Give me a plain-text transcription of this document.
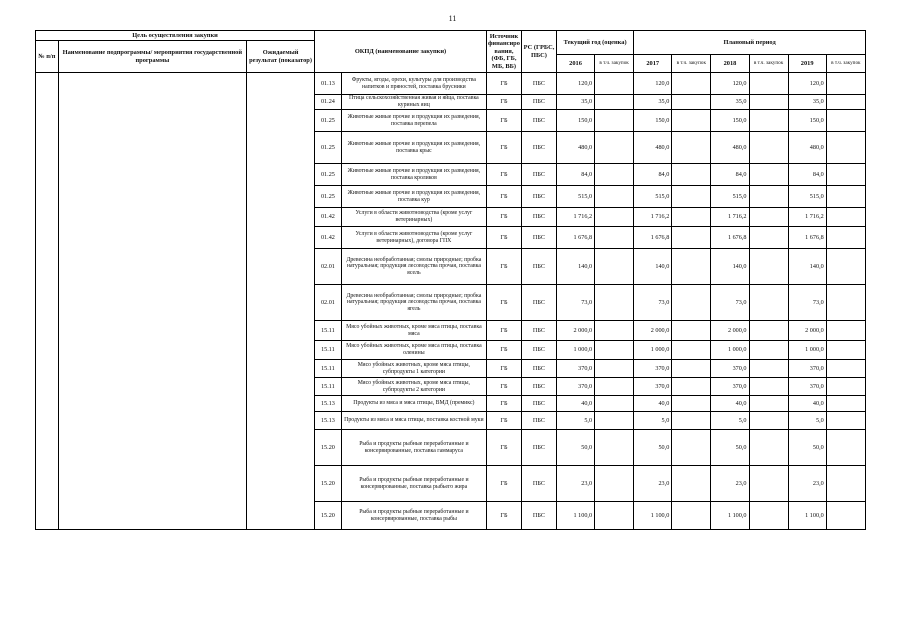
11
Цель осуществления закупки			ОКПД (наименование закупки)		Источник финансиро вания, (ФБ, ГБ, МБ, ВБ)	РС (ГРБС, ПБС)	Текущий год (оценка)		Плановый период					
№ п/п	Наименование подпрограммы/ мероприятия государственной программы	Ожидаемый результат (показатор)												
							2016	в т.ч. закупок	2017	в т.ч. закупок	2018	в т.ч. закупок	2019	в т.ч. закупок
			01.13	Фрукты, ягоды, орехи, культуры для производства напитков и пряностей, поставка брусники	ГБ	ПБС	120,0		120,0		120,0		120,0	
			01.24	Птица сельскохозяйственная живая и яйца, поставка куриных яиц	ГБ	ПБС	35,0		35,0		35,0		35,0	
			01.25	Животные живые прочие и продукция их разведения, поставка перепела	ГБ	ПБС	150,0		150,0		150,0		150,0	
			01.25	Животные живые прочие и продукция их разведения, поставка крыс	ГБ	ПБС	480,0		480,0		480,0		480,0	
			01.25	Животные живые прочие и продукция их разведения, поставка кроликов	ГБ	ПБС	84,0		84,0		84,0		84,0	
			01.25	Животные живые прочие и продукция их разведения, поставка кур	ГБ	ПБС	515,0		515,0		515,0		515,0	
			01.42	Услуги в области животноводства (кроме услуг ветеринарных)	ГБ	ПБС	1 716,2		1 716,2		1 716,2		1 716,2	
			01.42	Услуги в области животноводства (кроме услуг ветеринарных), договора ГПХ	ГБ	ПБС	1 676,8		1 676,8		1 676,8		1 676,8	
			02.01	Древесина необработанная; смолы природные; пробка натуральная; продукция лесоводства прочая, поставка ясель	ГБ	ПБС	140,0		140,0		140,0		140,0	
			02.01	Древесина необработанная; смолы природные; пробка натуральная; продукция лесоводства прочая, поставка ягель	ГБ	ПБС	73,0		73,0		73,0		73,0	
			15.11	Мясо убойных животных, кроме мяса птицы, поставка мяса	ГБ	ПБС	2 000,0		2 000,0		2 000,0		2 000,0	
			15.11	Мясо убойных животных, кроме мяса птицы, поставка оленины	ГБ	ПБС	1 000,0		1 000,0		1 000,0		1 000,0	
			15.11	Мясо убойных животных, кроме мяса птицы, субпродукты 1 категории	ГБ	ПБС	370,0		370,0		370,0		370,0	
			15.11	Мясо убойных животных, кроме мяса птицы, субпродукты 2 категории	ГБ	ПБС	370,0		370,0		370,0		370,0	
			15.13	Продукты из мяса и мяса птицы, ВМД (премикс)	ГБ	ПБС	40,0		40,0		40,0		40,0	
			15.13	Продукты из мяса и мяса птицы, поставка костной муки	ГБ	ПБС	5,0		5,0		5,0		5,0	
			15.20	Рыба и продукты рыбные переработанные и консервированные, поставка гаммаруса	ГБ	ПБС	50,0		50,0		50,0		50,0	
			15.20	Рыба и продукты рыбные переработанные и консервированные, поставка рыбьего жира	ГБ	ПБС	23,0		23,0		23,0		23,0	
			15.20	Рыба и продукты рыбные переработанные и консервированные, поставка рыбы	ГБ	ПБС	1 100,0		1 100,0		1 100,0		1 100,0	
